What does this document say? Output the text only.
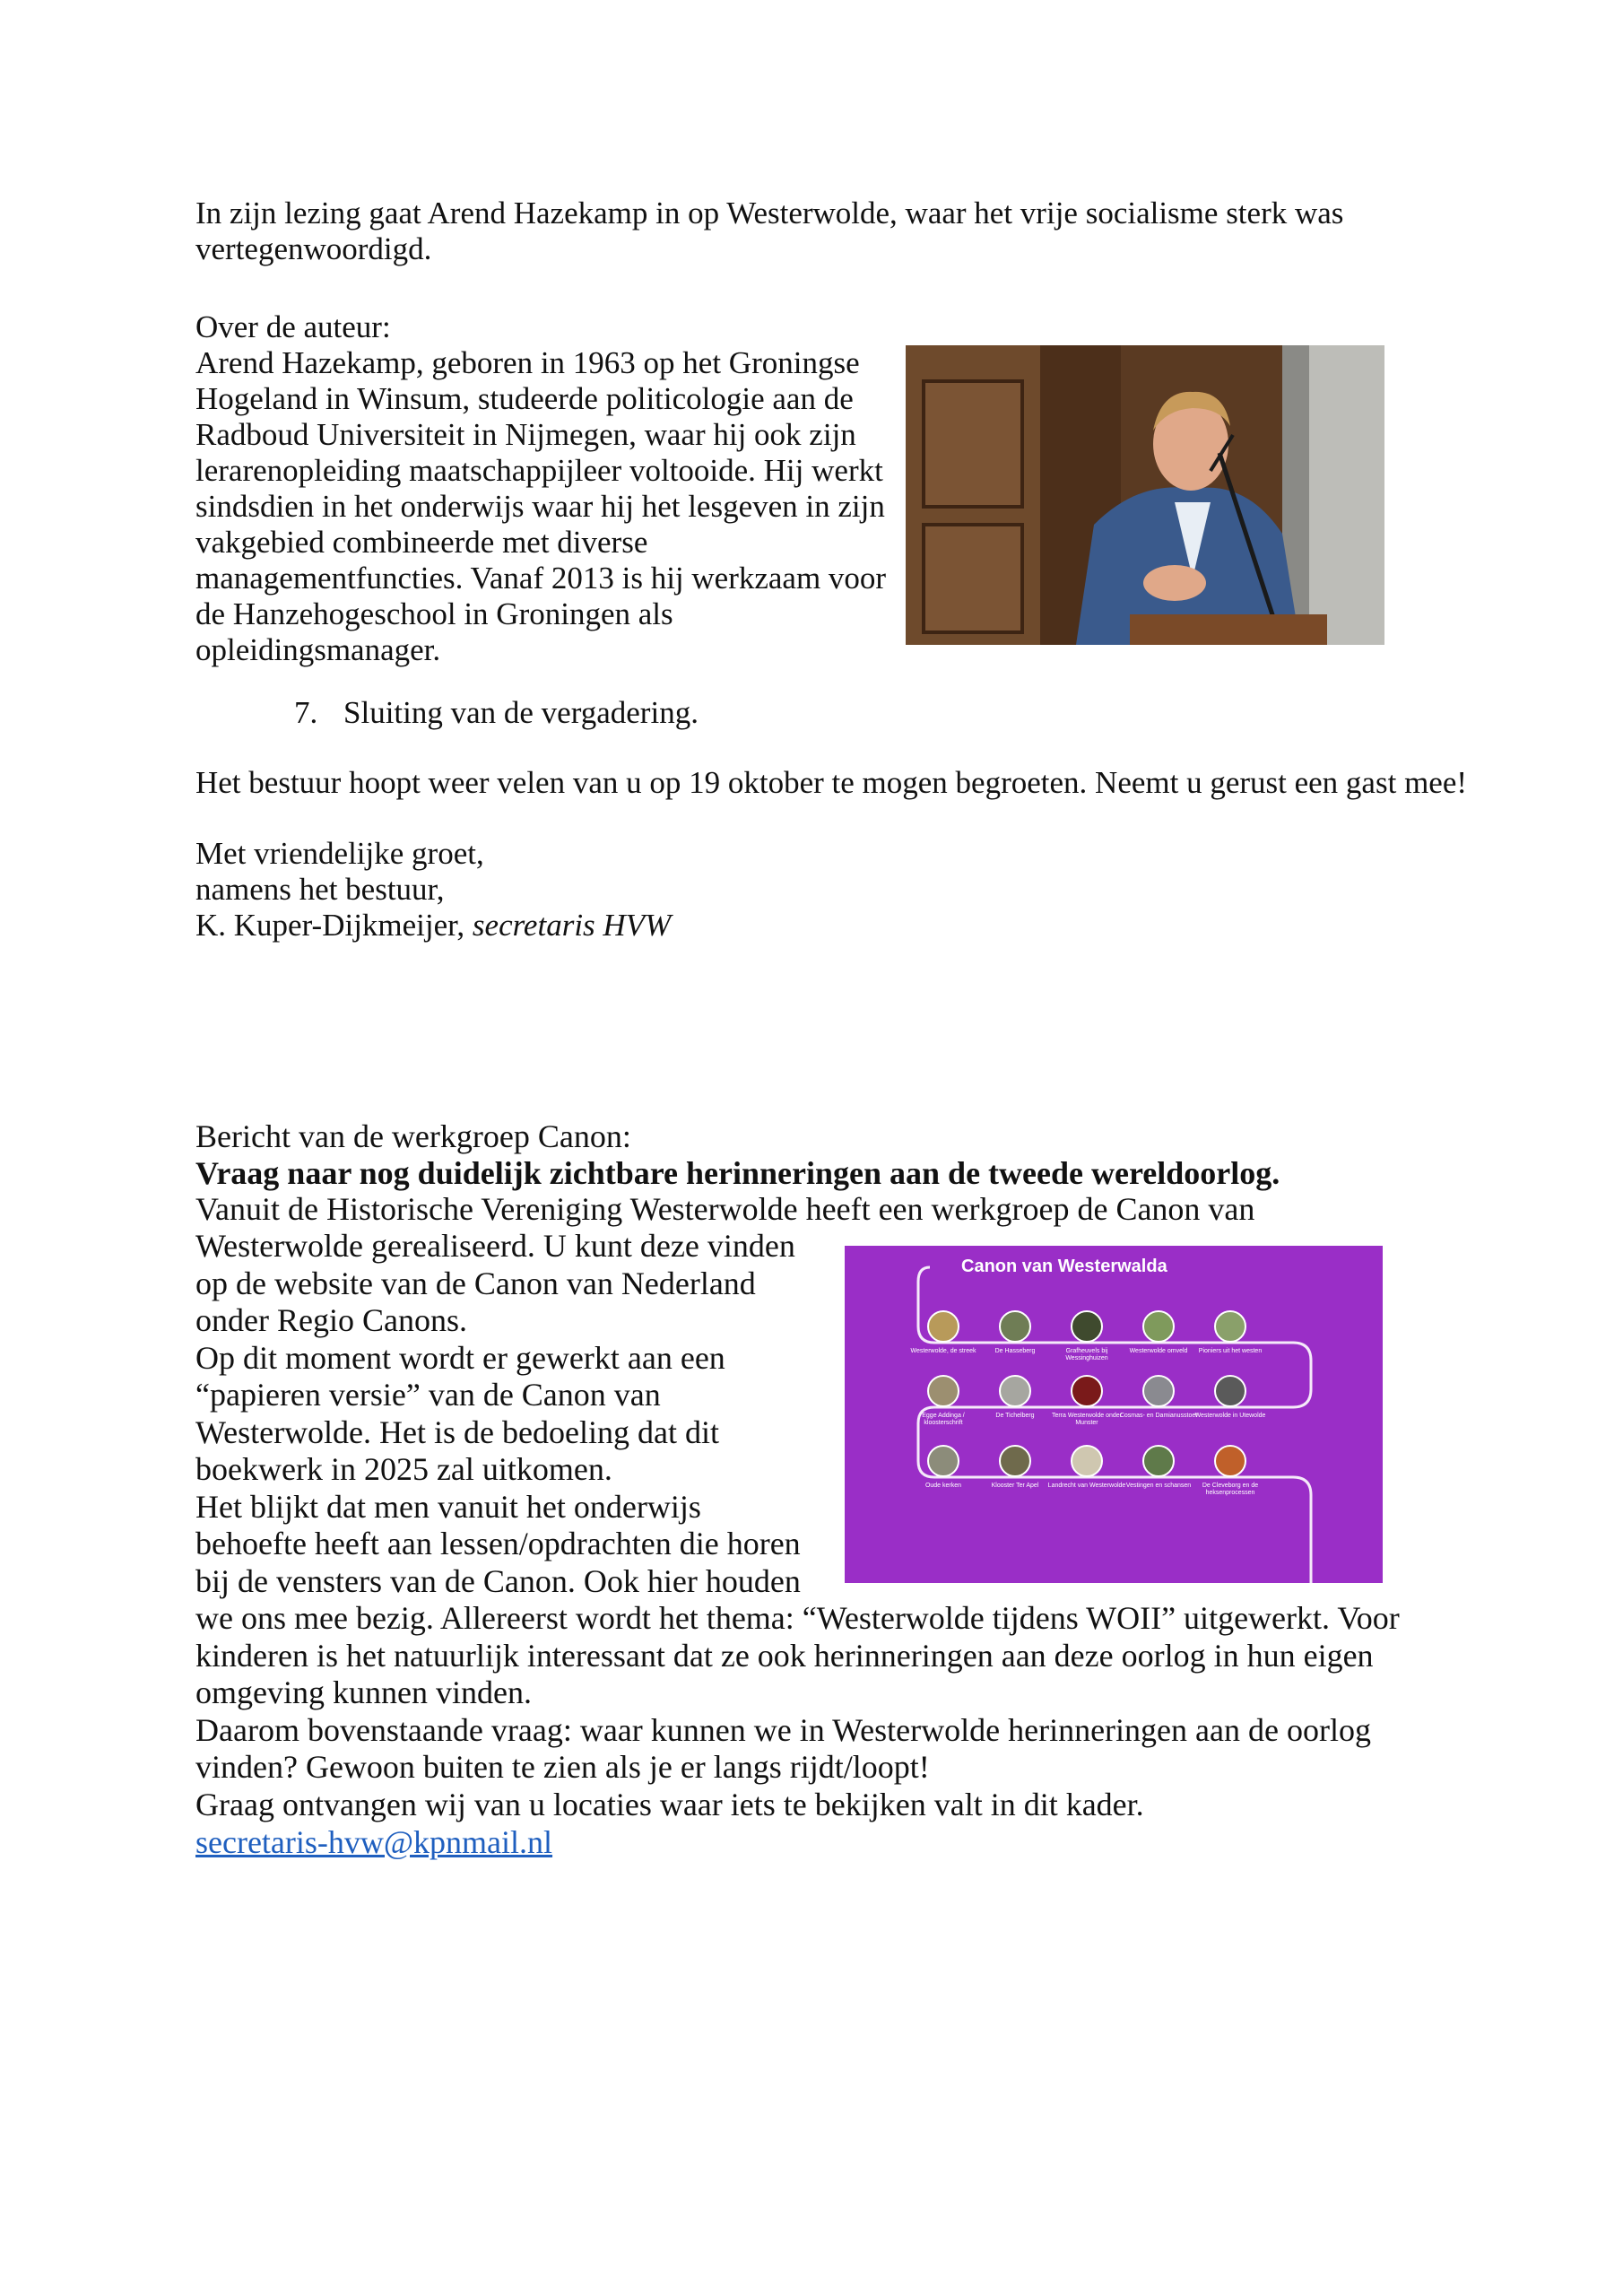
In zijn lezing gaat Arend Hazekamp in op Westerwolde, waar het vrije socialisme sterk was
vertegenwoordigd.
Over de auteur:
Arend Hazekamp, geboren in 1963 op het Groningse
Hogeland in Winsum, studeerde politicologie aan de
Radboud Universiteit in Nijmegen, waar hij ook zijn
lerarenopleiding maatschappijleer voltooide. Hij werkt
sindsdien in het onderwijs waar hij het lesgeven in zijn
vakgebied combineerde met diverse
managementfuncties. Vanaf 2013 is hij werkzaam voor
de Hanzehogeschool in Groningen als
opleidingsmanager.
7. Sluiting van de vergadering.
Het bestuur hoopt weer velen van u op 19 oktober te mogen begroeten. Neemt u gerust een gast mee!
Met vriendelijke groet,
namens het bestuur,
K. Kuper-Dijkmeijer, secretaris HVW
Bericht van de werkgroep Canon:
Vraag naar nog duidelijk zichtbare herinneringen aan de tweede wereldoorlog.
Vanuit de Historische Vereniging Westerwolde heeft een werkgroep de Canon van
Westerwolde gerealiseerd. U kunt deze vinden
op de website van de Canon van Nederland
onder Regio Canons.
Op dit moment wordt er gewerkt aan een
“papieren versie” van de Canon van
Westerwolde. Het is de bedoeling dat dit
boekwerk in 2025 zal uitkomen.
Het blijkt dat men vanuit het onderwijs
behoefte heeft aan lessen/opdrachten die horen
bij de vensters van de Canon. Ook hier houden
we ons mee bezig. Allereerst wordt het thema: “Westerwolde tijdens WOII” uitgewerkt. Voor
kinderen is het natuurlijk interessant dat ze ook herinneringen aan deze oorlog in hun eigen
omgeving kunnen vinden.
Daarom bovenstaande vraag: waar kunnen we in Westerwolde herinneringen aan de oorlog
vinden? Gewoon buiten te zien als je er langs rijdt/loopt!
Graag ontvangen wij van u locaties waar iets te bekijken valt in dit kader.
secretaris-hvw@kpnmail.nl
Canon van Westerwalda
Westerwolde, de streek	De Hasseberg	Grafheuvels bij Wessinghuizen
Westerwolde omveld	Pioniers uit het westen
Egge Addinga / kloosterschrift
De Tichelberg	Terra Westerwolde onder Munster
Cosmas- en Damianusstoet
Westerwolde in Utewolde
Oude kerken	Klooster Ter Apel	Landrecht van Westerwolde Vestingen en schansen	De Cleveborg en de heksenprocessen
